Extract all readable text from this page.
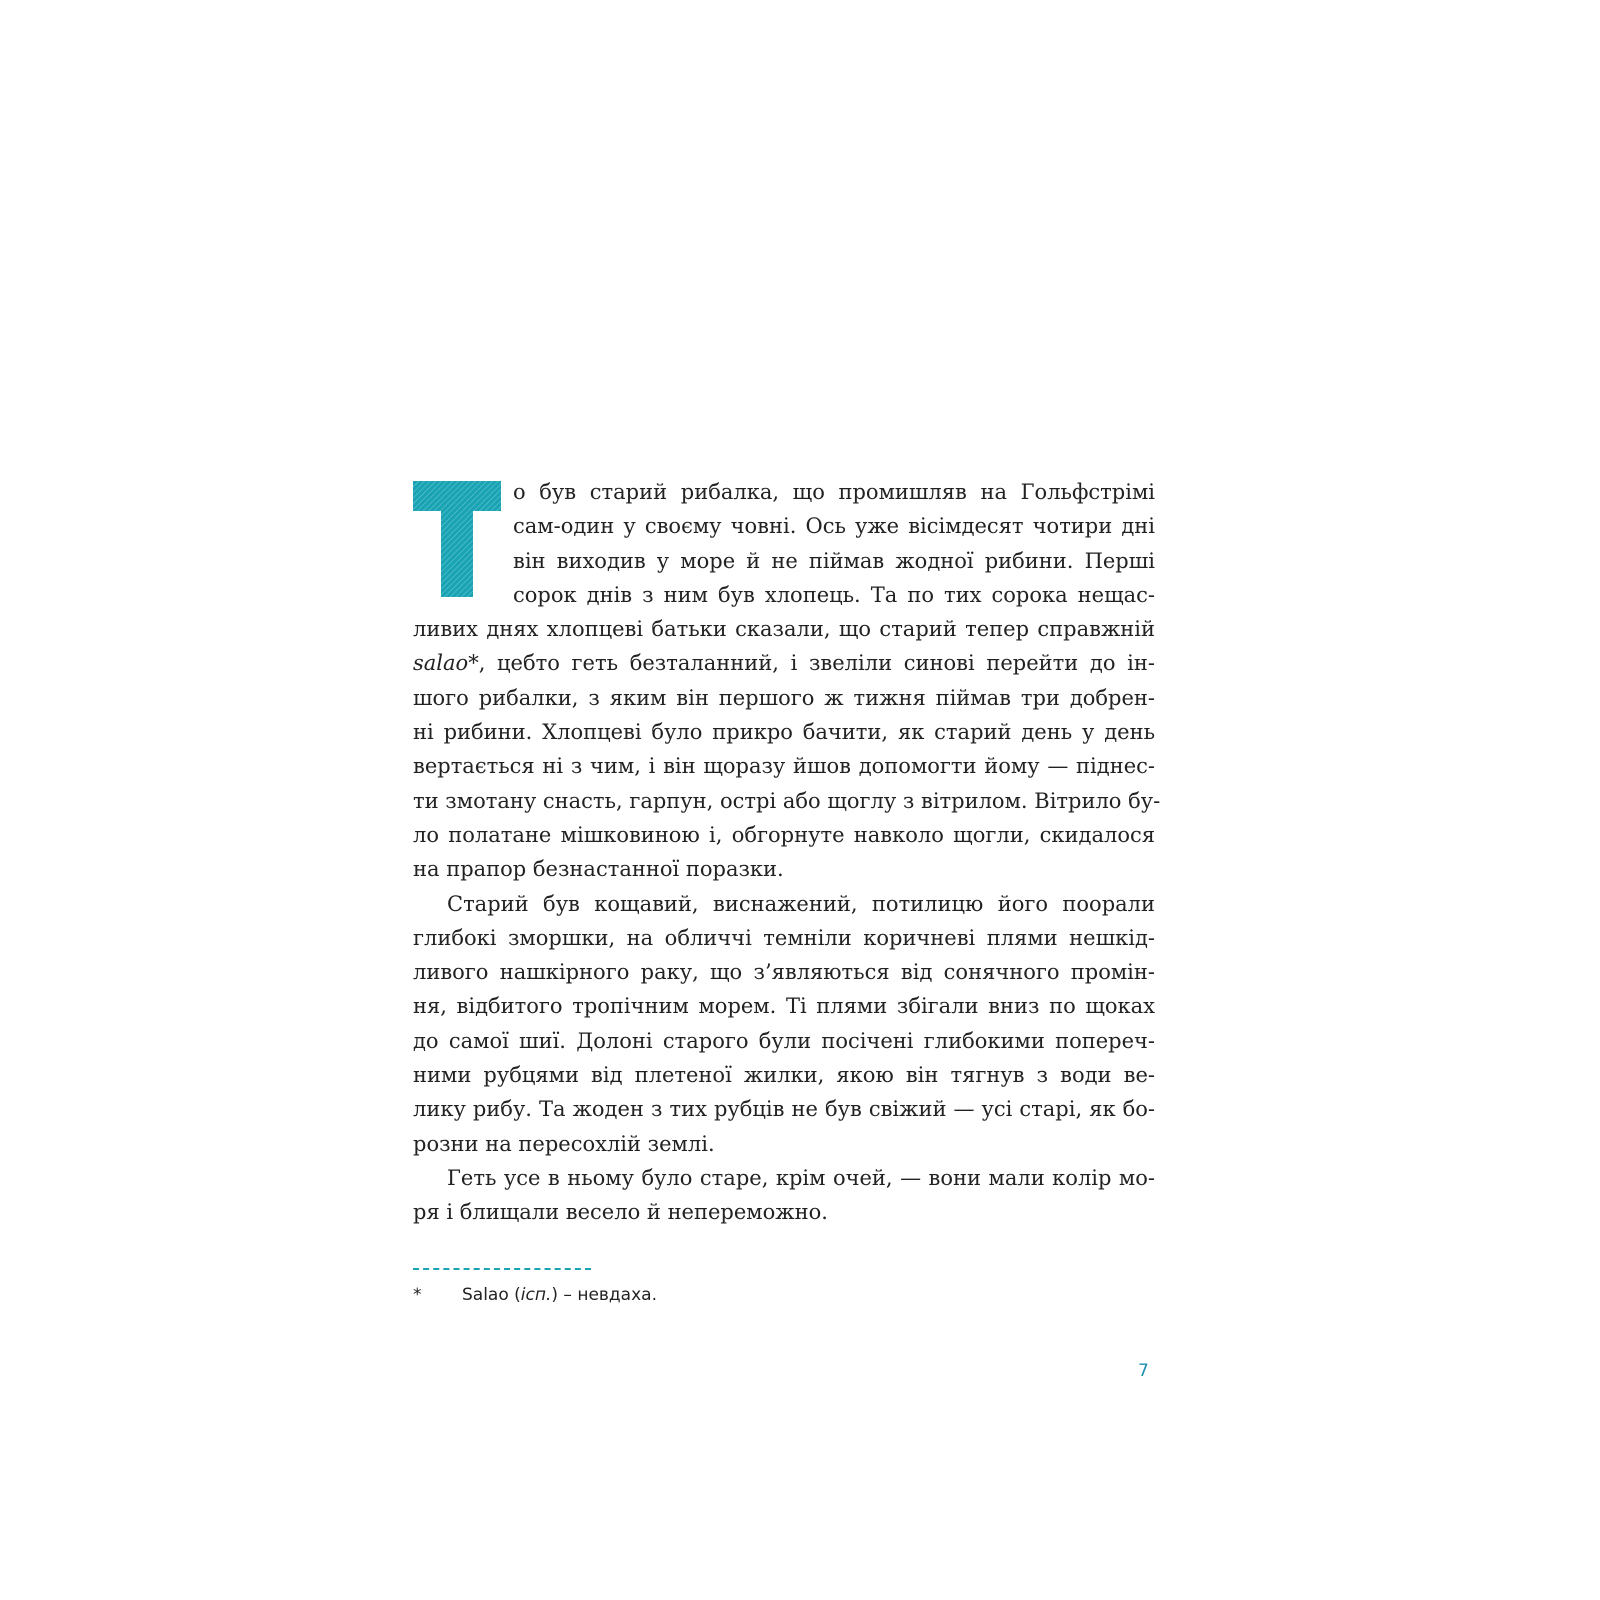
о був старий рибалка, що промишляв на Гольфстрімі
сам-один у своєму човні. Ось уже вісімдесят чотири дні
він виходив у море й не піймав жодної рибини. Перші
сорок днів з ним був хлопець. Та по тих сорока нещас-
ливих днях хлопцеві батьки сказали, що старий тепер справжній
salao*, цебто геть безталанний, і звеліли синові перейти до ін-
шого рибалки, з яким він першого ж тижня піймав три добрен-
ні рибини. Хлопцеві було прикро бачити, як старий день у день
вертається ні з чим, і він щоразу йшов допомогти йому — піднес-
ти змотану снасть, гарпун, острі або щоглу з вітрилом. Вітрило бу-
ло полатане мішковиною і, обгорнуте навколо щогли, скидалося
на прапор безнастанної поразки.
Старий був кощавий, виснажений, потилицю його поорали
глибокі зморшки, на обличчі темніли коричневі плями нешкід-
ливого нашкірного раку, що з’являються від сонячного промін-
ня, відбитого тропічним морем. Ті плями збігали вниз по щоках
до самої шиї. Долоні старого були посічені глибокими попереч-
ними рубцями від плетеної жилки, якою він тягнув з води ве-
лику рибу. Та жоден з тих рубців не був свіжий — усі старі, як бо-
розни на пересохлій землі.
Геть усе в ньому було старе, крім очей, — вони мали колір мо-
ря і блищали весело й непереможно.
* Salao (ісп.) – невдаха.
7
